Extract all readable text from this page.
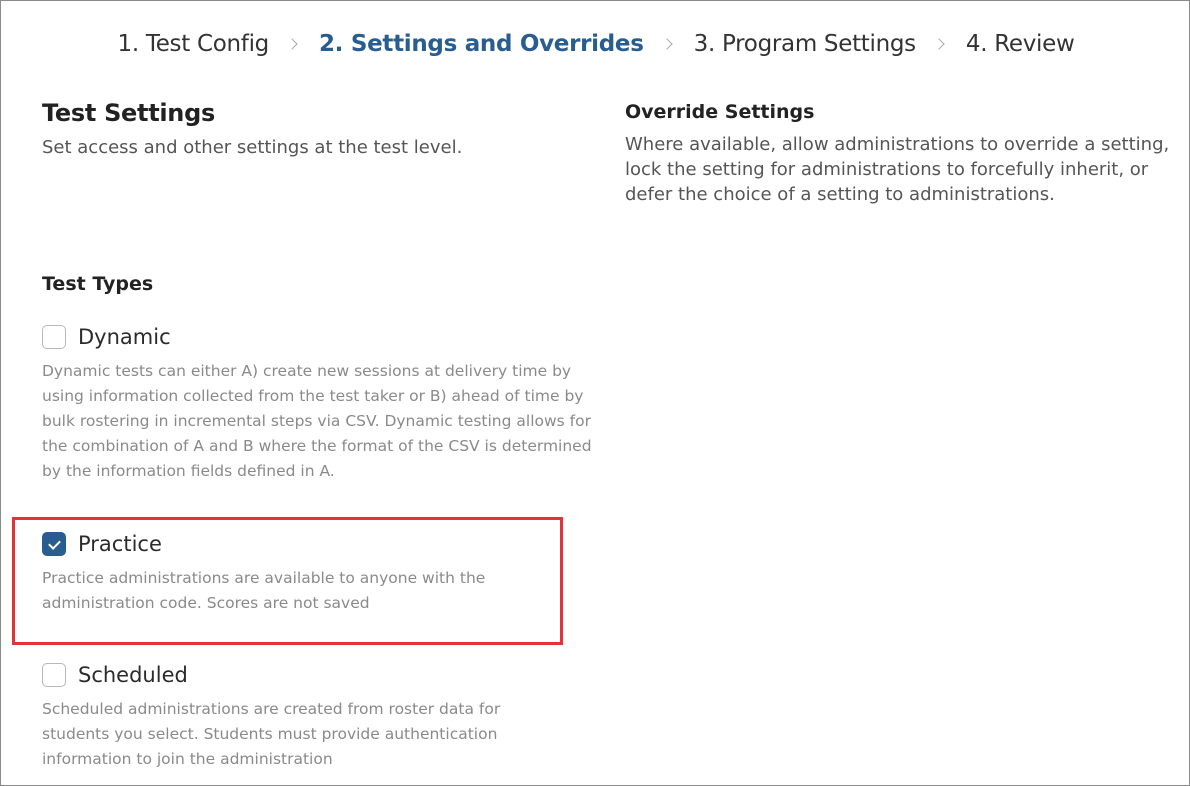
1. Test Config 2. Settings and Overrides 3. Program Settings 4. Review
Test Settings
Set access and other settings at the test level.
Override Settings
Where available, allow administrations to override a setting, lock the setting for administrations to forcefully inherit, or defer the choice of a setting to administrations.
Test Types
Dynamic
Dynamic tests can either A) create new sessions at delivery time by using information collected from the test taker or B) ahead of time by bulk rostering in incremental steps via CSV. Dynamic testing allows for the combination of A and B where the format of the CSV is determined by the information fields defined in A.
Practice
Practice administrations are available to anyone with the administration code. Scores are not saved
Scheduled
Scheduled administrations are created from roster data for students you select. Students must provide authentication information to join the administration
